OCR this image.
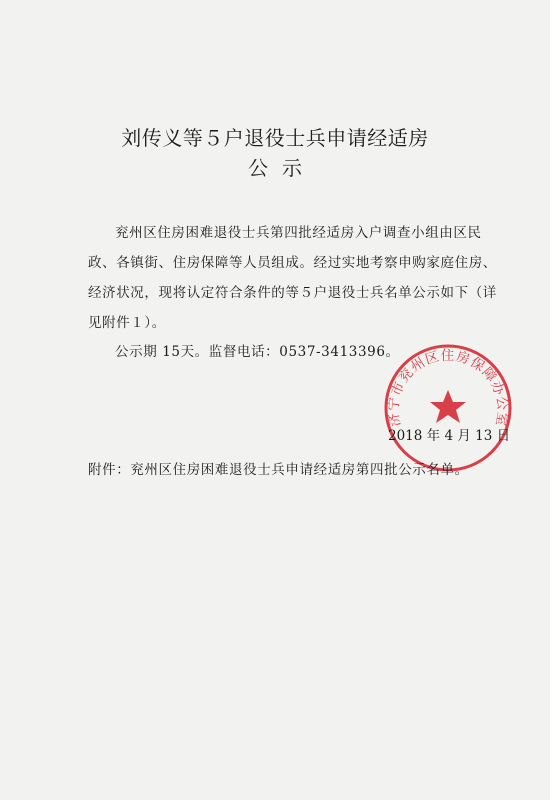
刘传义等５户退役士兵申请经适房
公示

兖州区住房困难退役士兵第四批经适房入户调查小组由区民政、各镇街、住房保障等人员组成。经过实地考察申购家庭住房、经济状况，现将认定符合条件的等５户退役士兵名单公示如下（详见附件１）。

公示期 15天。监督电话：0537-3413396。

济宁市兖州区住房保障办公室
2018 年 4 月 13 日
附件：兖州区住房困难退役士兵申请经适房第四批公示名单。
